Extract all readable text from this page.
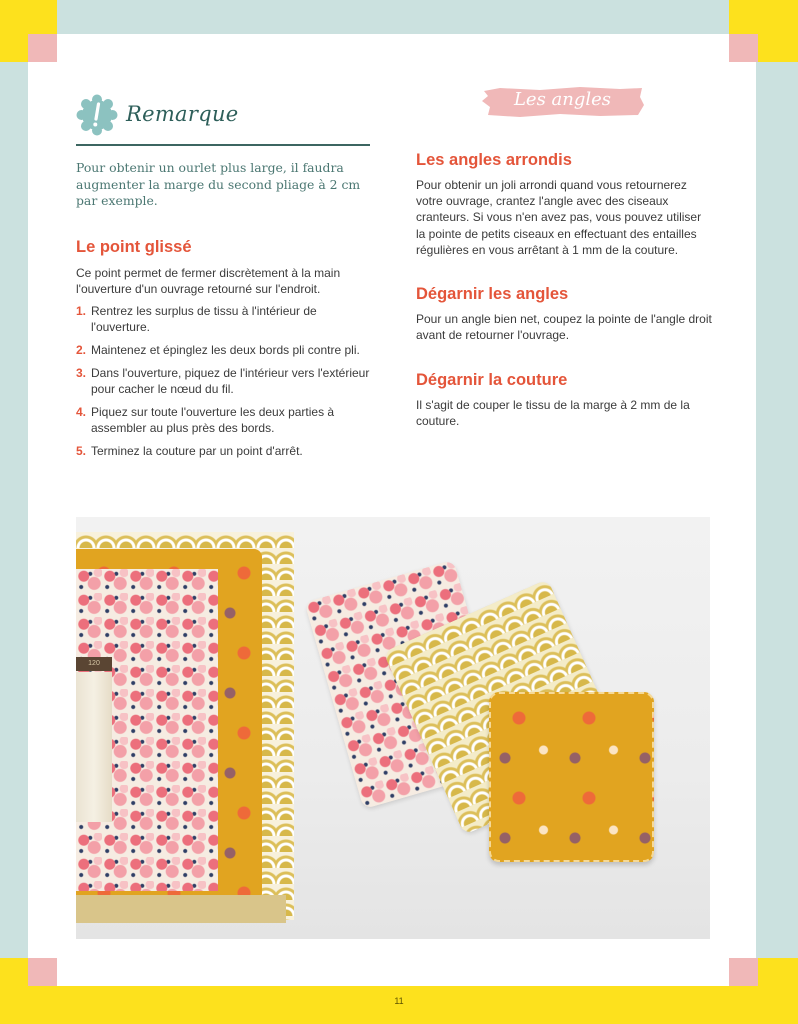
Remarque

Pour obtenir un ourlet plus large, il faudra augmenter la marge du second pliage à 2 cm par exemple.

Le point glissé

Ce point permet de fermer discrètement à la main l'ouverture d'un ouvrage retourné sur l'endroit.

1. Rentrez les surplus de tissu à l'intérieur de l'ouverture.
2. Maintenez et épinglez les deux bords pli contre pli.
3. Dans l'ouverture, piquez de l'intérieur vers l'extérieur pour cacher le nœud du fil.
4. Piquez sur toute l'ouverture les deux parties à assembler au plus près des bords.
5. Terminez la couture par un point d'arrêt.
Les angles
Les angles arrondis

Pour obtenir un joli arrondi quand vous retournerez votre ouvrage, crantez l'angle avec des ciseaux cranteurs. Si vous n'en avez pas, vous pouvez utiliser la pointe de petits ciseaux en effectuant des entailles régulières en vous arrêtant à 1 mm de la couture.

Dégarnir les angles

Pour un angle bien net, coupez la pointe de l'angle droit avant de retourner l'ouvrage.

Dégarnir la couture

Il s'agit de couper le tissu de la marge à 2 mm de la couture.

120
11
